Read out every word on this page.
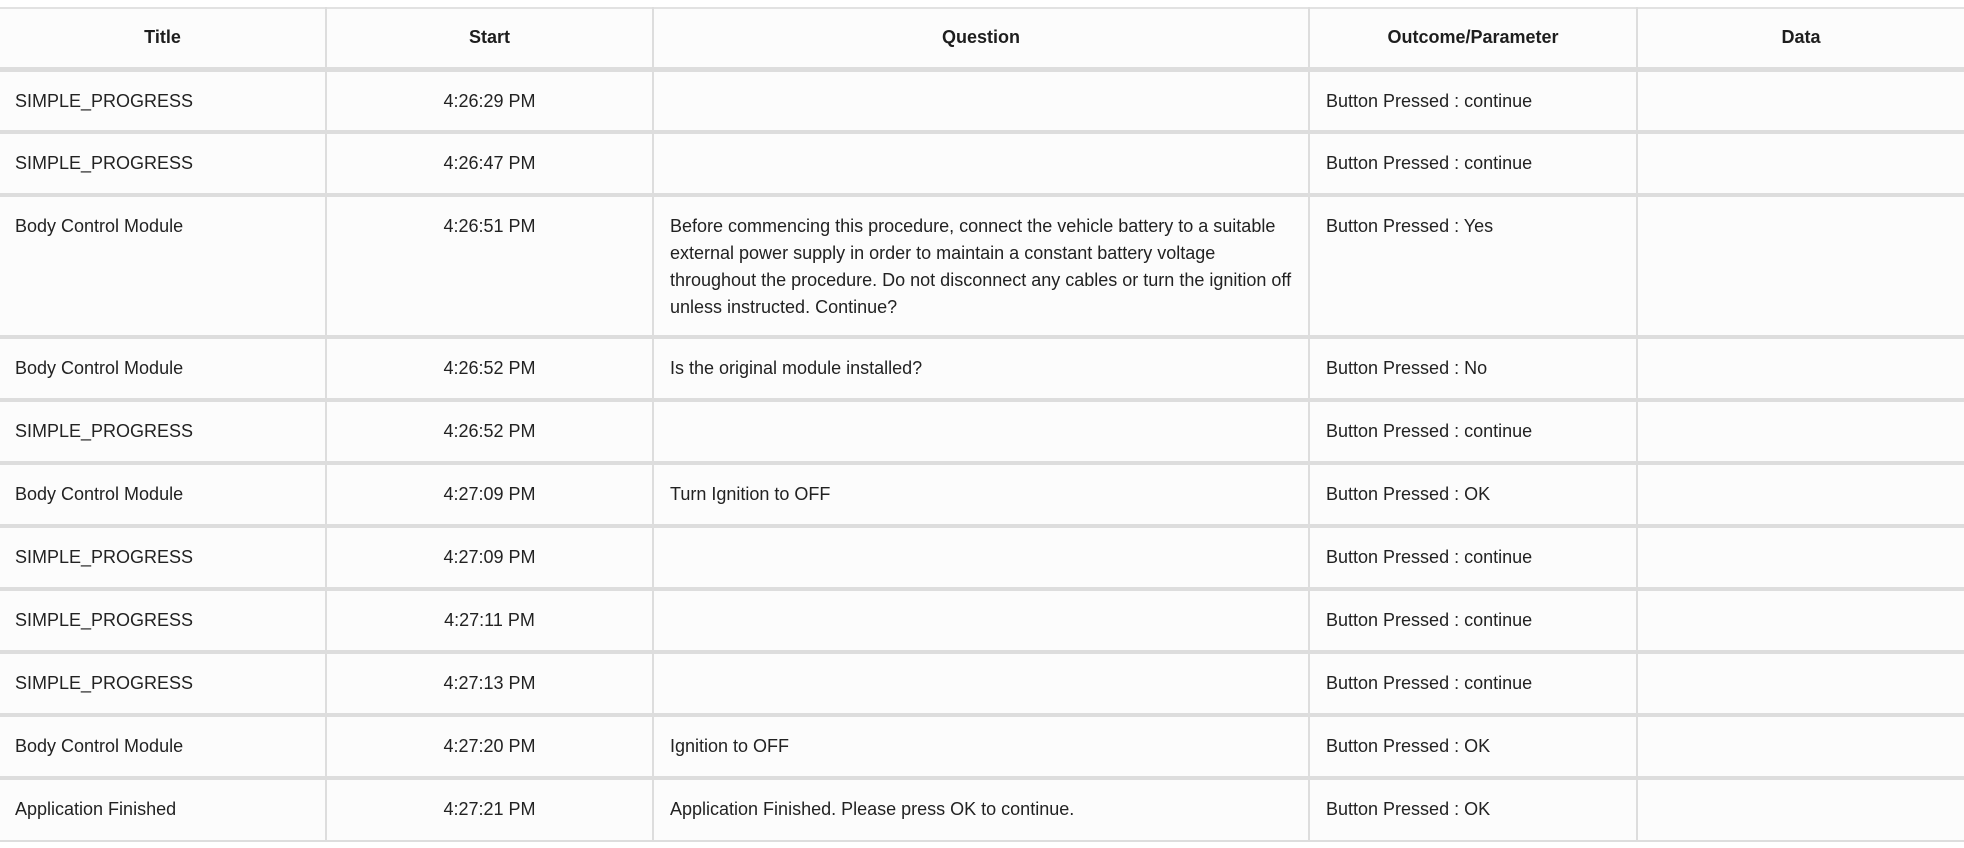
Title	Start	Question	Outcome/Parameter	Data
SIMPLE_PROGRESS	4:26:29 PM		Button Pressed : continue	
SIMPLE_PROGRESS	4:26:47 PM		Button Pressed : continue	
Body Control Module	4:26:51 PM	Before commencing this procedure, connect the vehicle battery to a suitable external power supply in order to maintain a constant battery voltage throughout the procedure. Do not disconnect any cables or turn the ignition off unless instructed. Continue?	Button Pressed : Yes	
Body Control Module	4:26:52 PM	Is the original module installed?	Button Pressed : No	
SIMPLE_PROGRESS	4:26:52 PM		Button Pressed : continue	
Body Control Module	4:27:09 PM	Turn Ignition to OFF	Button Pressed : OK	
SIMPLE_PROGRESS	4:27:09 PM		Button Pressed : continue	
SIMPLE_PROGRESS	4:27:11 PM		Button Pressed : continue	
SIMPLE_PROGRESS	4:27:13 PM		Button Pressed : continue	
Body Control Module	4:27:20 PM	Ignition to OFF	Button Pressed : OK	
Application Finished	4:27:21 PM	Application Finished. Please press OK to continue.	Button Pressed : OK	
